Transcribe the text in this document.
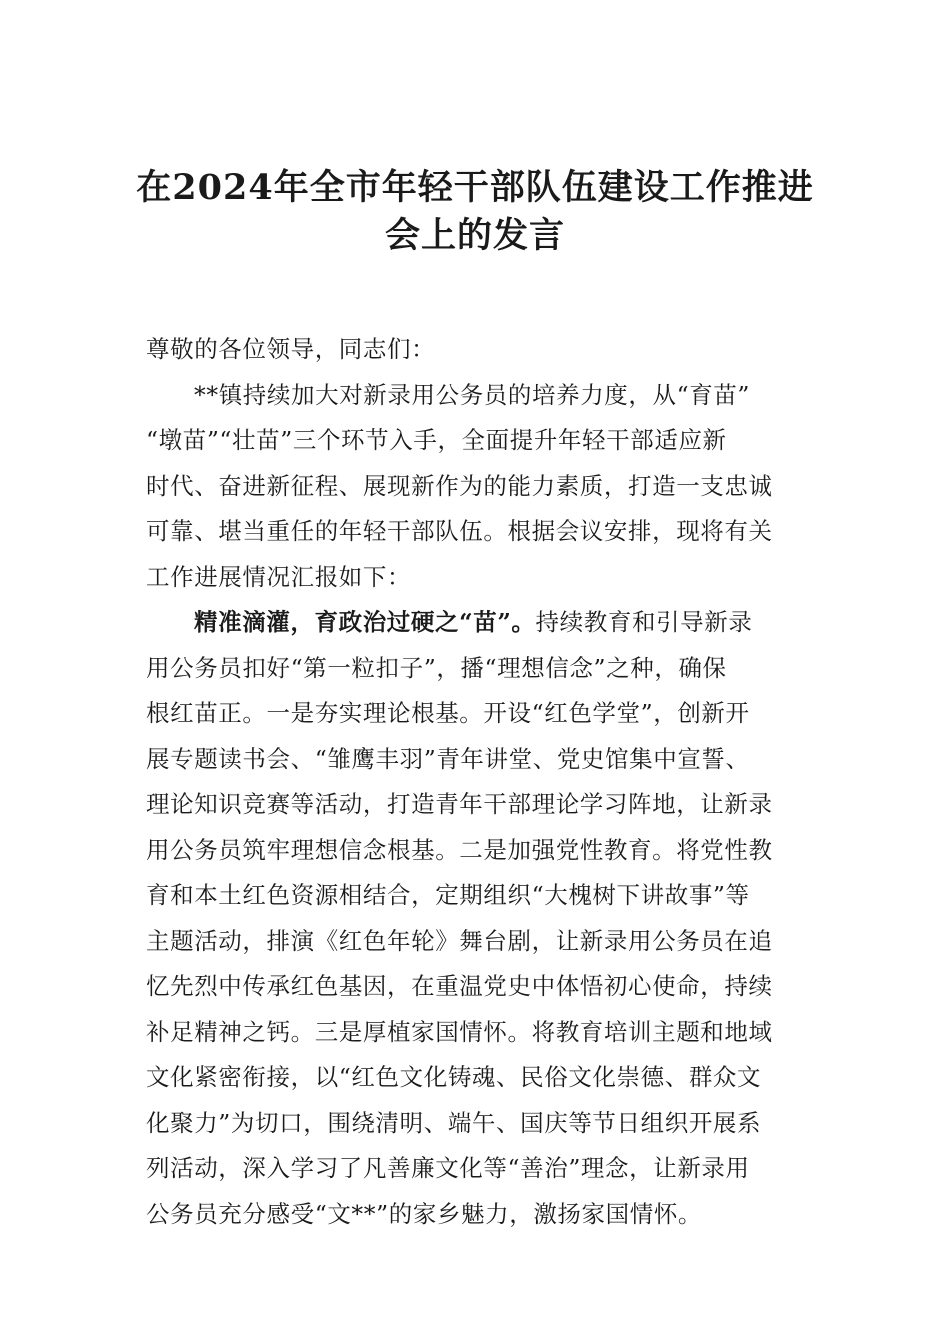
在2024年全市年轻干部队伍建设工作推进
会上的发言
尊敬的各位领导，同志们：
**镇持续加大对新录用公务员的培养力度，从“育苗”
“墩苗”“壮苗”三个环节入手，全面提升年轻干部适应新
时代、奋进新征程、展现新作为的能力素质，打造一支忠诚
可靠、堪当重任的年轻干部队伍。根据会议安排，现将有关
工作进展情况汇报如下：
精准滴灌，育政治过硬之“苗”。持续教育和引导新录
用公务员扣好“第一粒扣子”，播“理想信念”之种，确保
根红苗正。一是夯实理论根基。开设“红色学堂”，创新开
展专题读书会、“雏鹰丰羽”青年讲堂、党史馆集中宣誓、
理论知识竞赛等活动，打造青年干部理论学习阵地，让新录
用公务员筑牢理想信念根基。二是加强党性教育。将党性教
育和本土红色资源相结合，定期组织“大槐树下讲故事”等
主题活动，排演《红色年轮》舞台剧，让新录用公务员在追
忆先烈中传承红色基因，在重温党史中体悟初心使命，持续
补足精神之钙。三是厚植家国情怀。将教育培训主题和地域
文化紧密衔接，以“红色文化铸魂、民俗文化崇德、群众文
化聚力”为切口，围绕清明、端午、国庆等节日组织开展系
列活动，深入学习了凡善廉文化等“善治”理念，让新录用
公务员充分感受“文**”的家乡魅力，激扬家国情怀。
